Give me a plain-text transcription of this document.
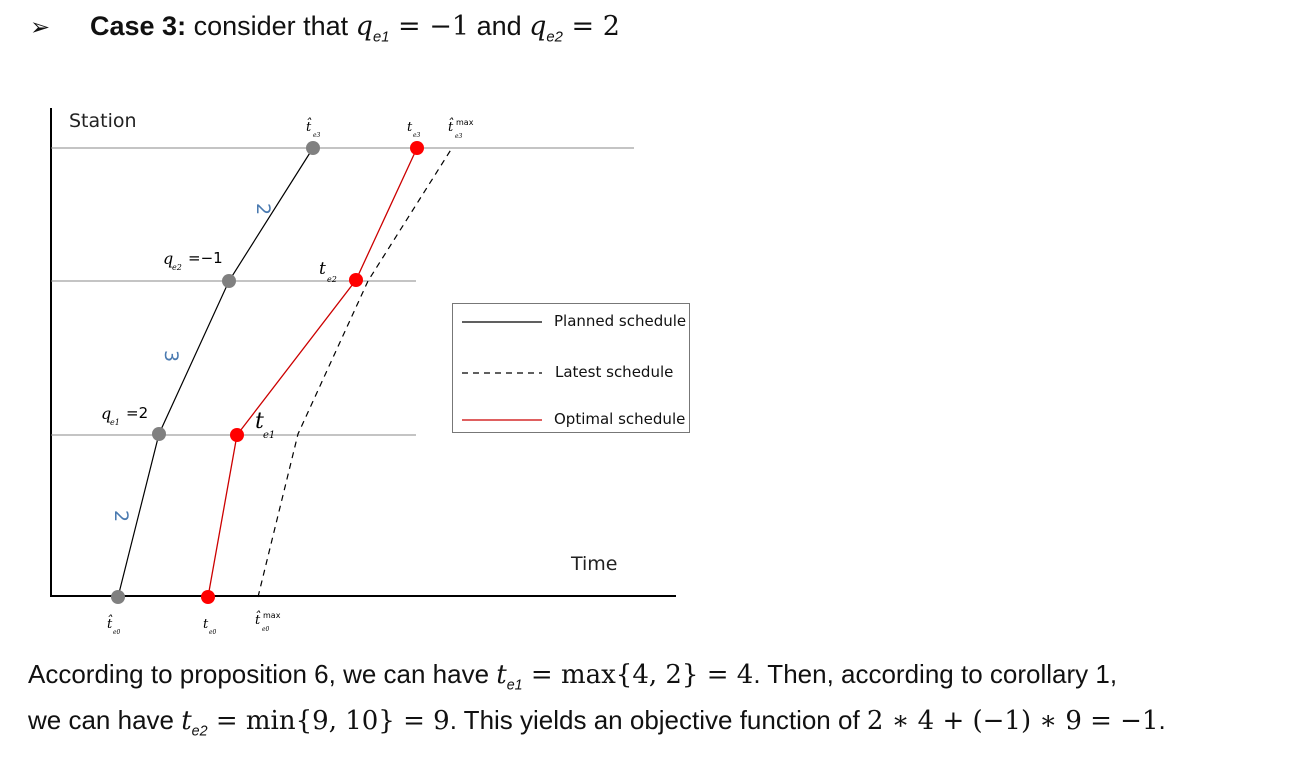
➢ Case 3: consider that $q_{e1} = -1$ and $q_{e2} = 2$
Station
Time
2
3
2
q
e2
=−1
q
e1
=2
t̂
e3
t
e3
t̂ max
e3
t
e2
t
e1
t̂
e0
t
e0
t̂ max
e0
Planned schedule
Latest schedule
Optimal schedule
According to proposition 6, we can have $t_{e1} = \max\{4$, 2} = 4. Then, according to corollary 1,
we can have $t_{e2} = \min\{9$, 10} = 9. This yields an objective function of 2 ∗ 4 + (−1) ∗ 9 = −1.
